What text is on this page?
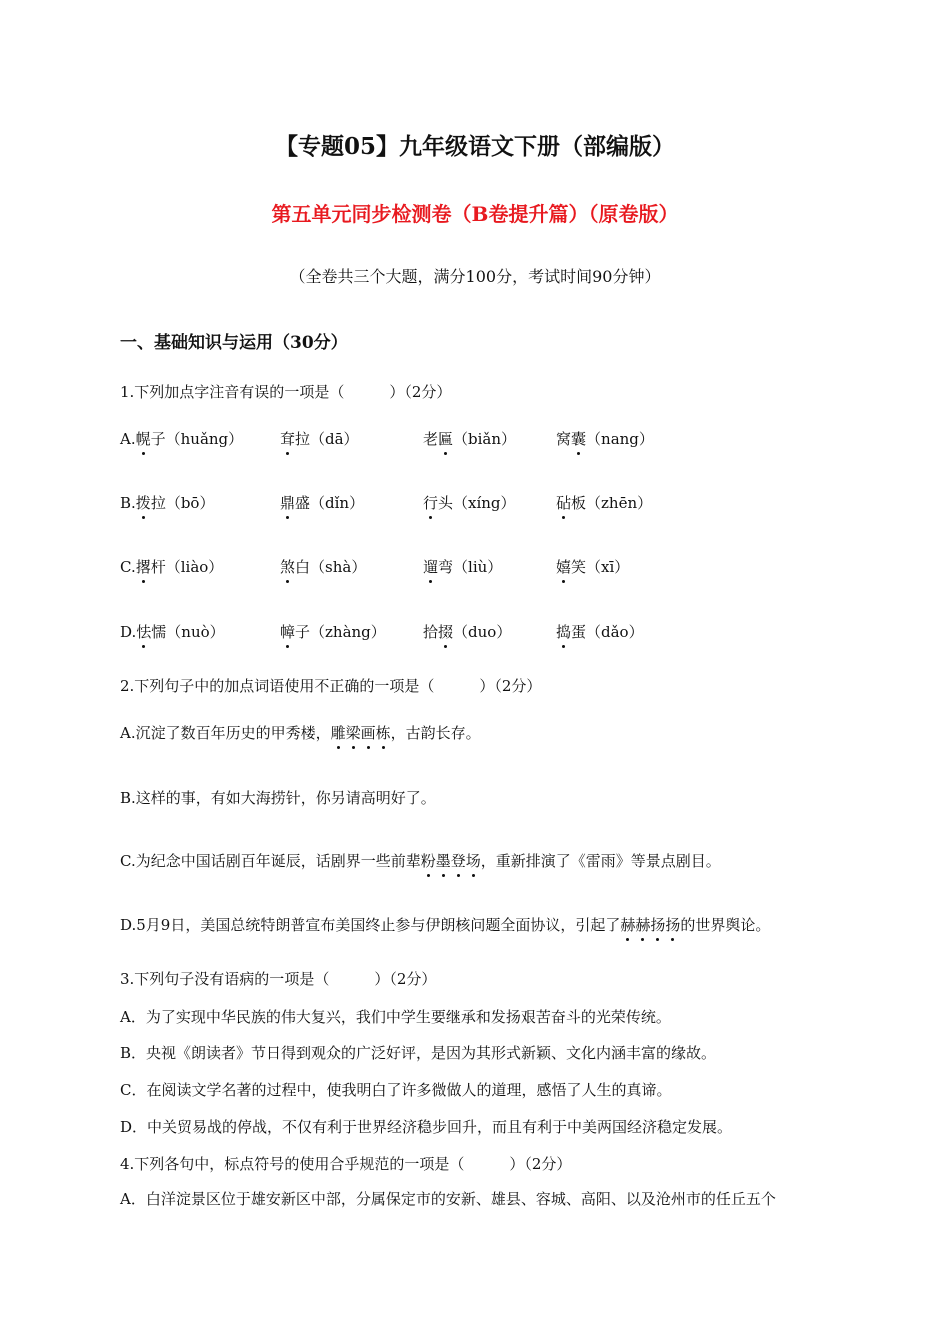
【专题05】九年级语文下册（部编版）
第五单元同步检测卷（B卷提升篇）（原卷版）
（全卷共三个大题，满分100分，考试时间90分钟）
一、基础知识与运用（30分）
1.下列加点字注音有误的一项是（　　　）（2分）
A.幌子（huǎng） 耷拉（dā）	老匾（biǎn）	窝囊（nang）
B.拨拉（bō）	鼎盛（dǐn）	行头（xíng）	砧板（zhēn）
C.撂杆（liào）	煞白（shà）	遛弯（liù）	嬉笑（xī）
D.怯懦（nuò）	幛子（zhàng） 拾掇（duo）	捣蛋（dǎo）
2.下列句子中的加点词语使用不正确的一项是（　　　）（2分）
A.沉淀了数百年历史的甲秀楼，雕梁画栋，古韵长存。
B.这样的事，有如大海捞针，你另请高明好了。
C.为纪念中国话剧百年诞辰，话剧界一些前辈粉墨登场，重新排演了《雷雨》等景点剧目。
D.5月9日，美国总统特朗普宣布美国终止参与伊朗核问题全面协议，引起了赫赫扬扬的世界舆论。
3.下列句子没有语病的一项是（　　　）（2分）
A．为了实现中华民族的伟大复兴，我们中学生要继承和发扬艰苦奋斗的光荣传统。
B．央视《朗读者》节日得到观众的广泛好评，是因为其形式新颖、文化内涵丰富的缘故。
C．在阅读文学名著的过程中，使我明白了许多微做人的道理，感悟了人生的真谛。
D．中关贸易战的停战，不仅有利于世界经济稳步回升，而且有利于中美两国经济稳定发展。
4.下列各句中，标点符号的使用合乎规范的一项是（　　　）（2分）
A．白洋淀景区位于雄安新区中部，分属保定市的安新、雄县、容城、高阳、以及沧州市的任丘五个
